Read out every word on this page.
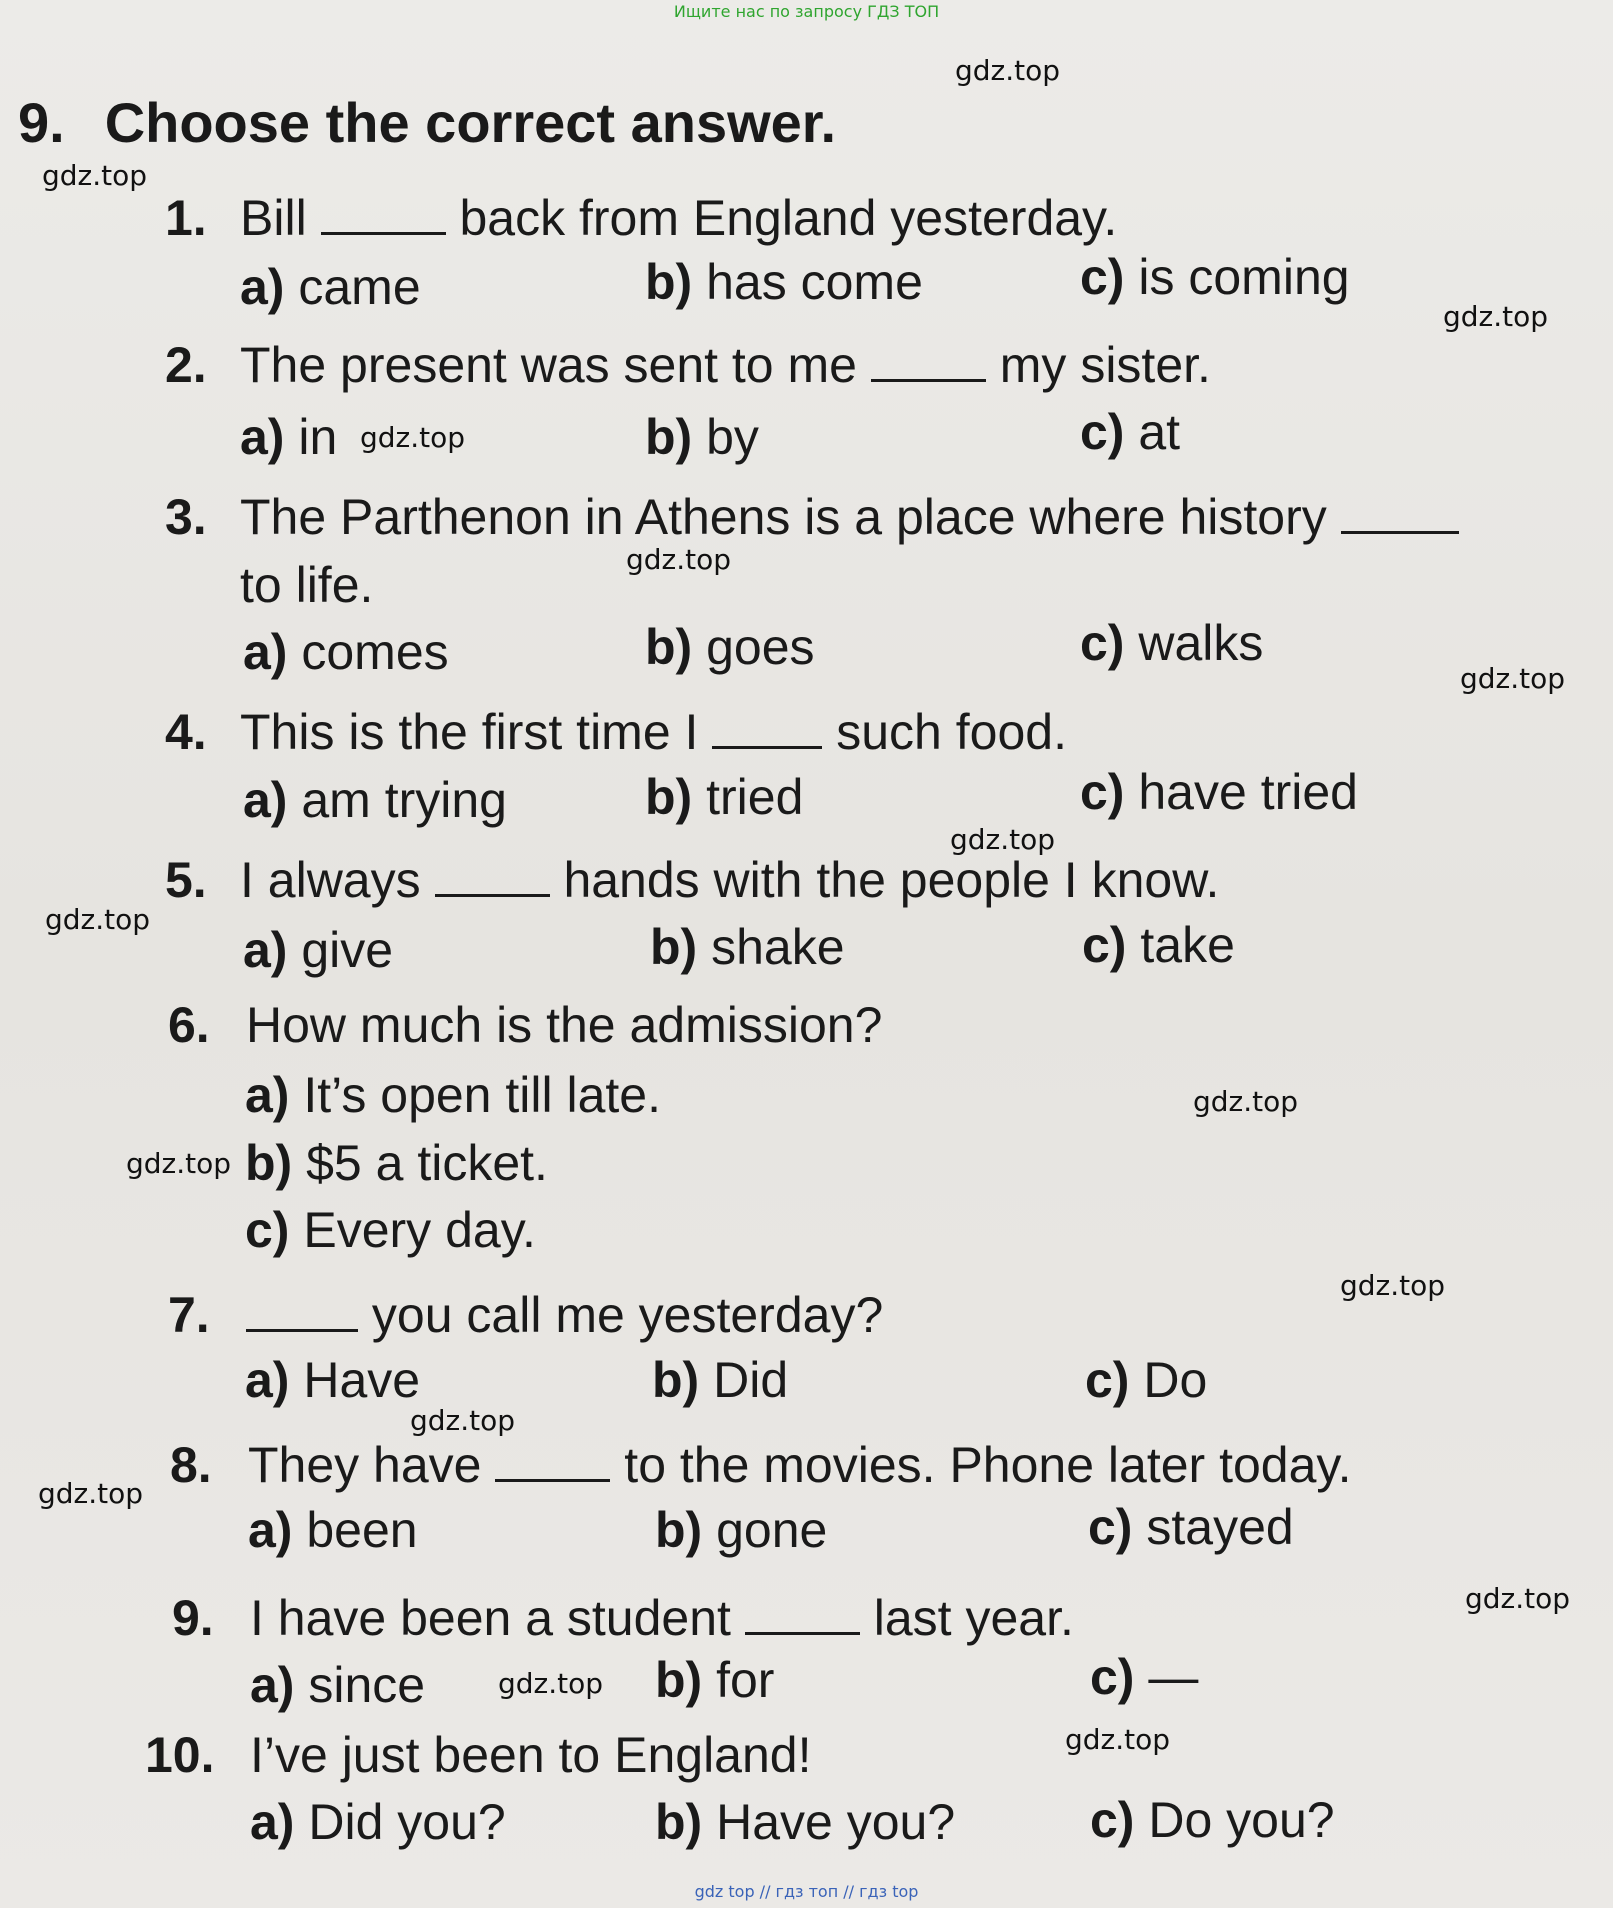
Ищите нас по запросу ГДЗ ТОП
gdz.top
gdz.top
gdz.top
gdz.top
gdz.top
gdz.top
gdz.top
gdz.top
gdz.top
gdz.top
gdz.top
gdz.top
gdz.top
gdz.top
gdz.top
gdz.top
9. Choose the correct answer.
1. Bill	back from England yesterday.
a) came	b) has come	c) is coming
2. The present was sent to me	my sister.
a) in	b) by	c) at
3. The Parthenon in Athens is a place where history
to life.
a) comes	b) goes	c) walks
4. This is the first time I	such food.
a) am trying	b) tried	c) have tried
5. I always	hands with the people I know.
a) give	b) shake	c) take
6. How much is the admission?
a) It’s open till late.
b) $5 a ticket.
c) Every day.
7.	you call me yesterday?
a) Have	b) Did	c) Do
8. They have	to the movies. Phone later today.
a) been	b) gone	c) stayed
9. I have been a student	last year.
a) since	b) for	c) —
10. I’ve just been to England!
a) Did you?	b) Have you?	c) Do you?
gdz top // гдз топ // гдз top
